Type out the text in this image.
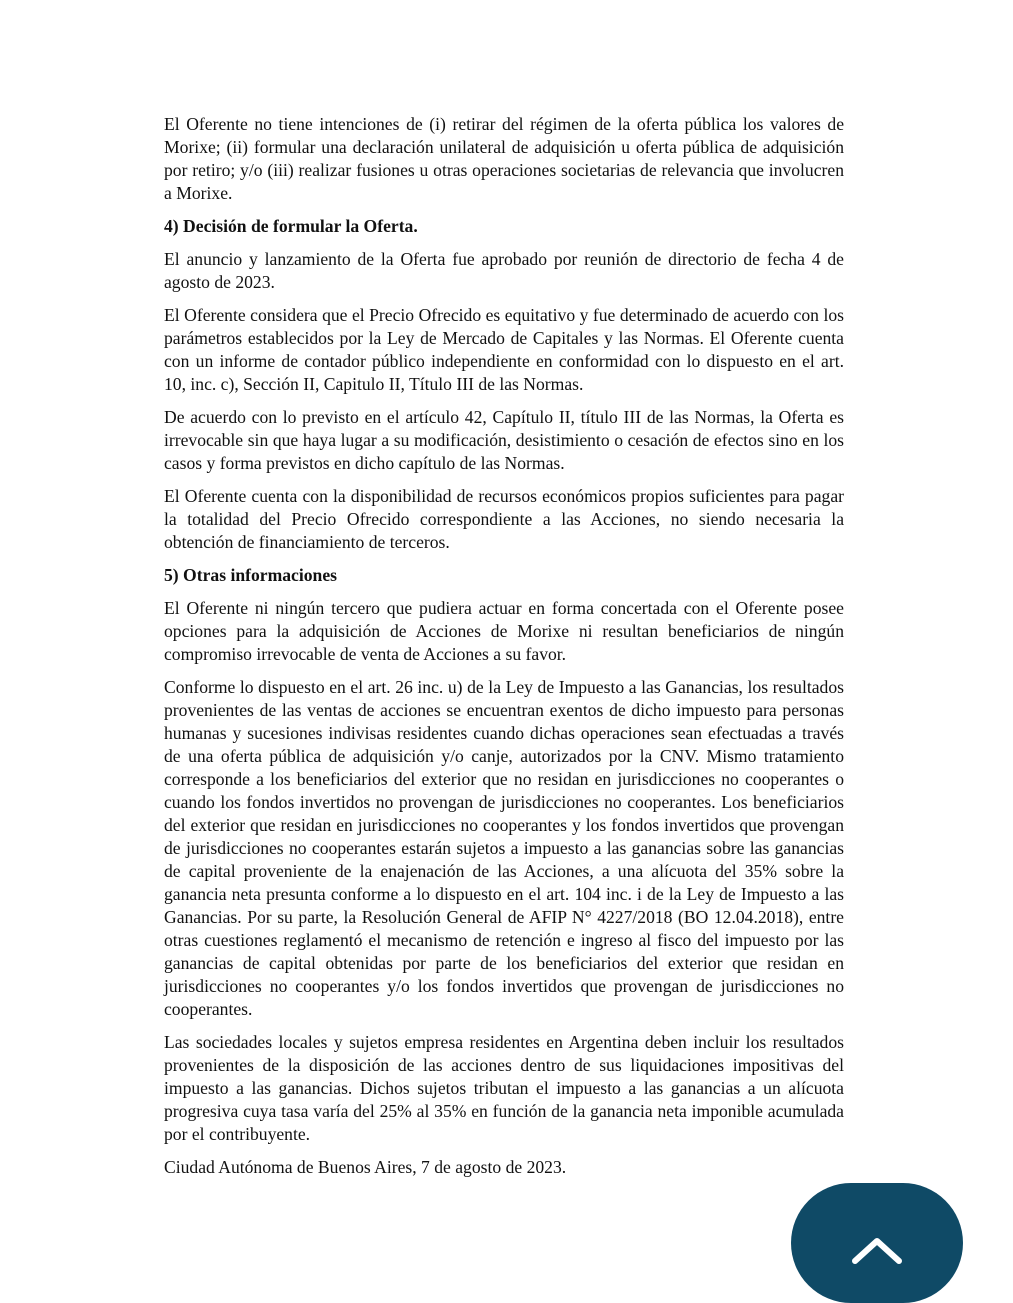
El Oferente no tiene intenciones de (i) retirar del régimen de la oferta pública los valores de Morixe; (ii) formular una declaración unilateral de adquisición u oferta pública de adquisición por retiro; y/o (iii) realizar fusiones u otras operaciones societarias de relevancia que involucren a Morixe.

4) Decisión de formular la Oferta.

El anuncio y lanzamiento de la Oferta fue aprobado por reunión de directorio de fecha 4 de agosto de 2023.

El Oferente considera que el Precio Ofrecido es equitativo y fue determinado de acuerdo con los parámetros establecidos por la Ley de Mercado de Capitales y las Normas. El Oferente cuenta con un informe de contador público independiente en conformidad con lo dispuesto en el art. 10, inc. c), Sección II, Capitulo II, Título III de las Normas.

De acuerdo con lo previsto en el artículo 42, Capítulo II, título III de las Normas, la Oferta es irrevocable sin que haya lugar a su modificación, desistimiento o cesación de efectos sino en los casos y forma previstos en dicho capítulo de las Normas.

El Oferente cuenta con la disponibilidad de recursos económicos propios suficientes para pagar la totalidad del Precio Ofrecido correspondiente a las Acciones, no siendo necesaria la obtención de financiamiento de terceros.

5) Otras informaciones

El Oferente ni ningún tercero que pudiera actuar en forma concertada con el Oferente posee opciones para la adquisición de Acciones de Morixe ni resultan beneficiarios de ningún compromiso irrevocable de venta de Acciones a su favor.

Conforme lo dispuesto en el art. 26 inc. u) de la Ley de Impuesto a las Ganancias, los resultados provenientes de las ventas de acciones se encuentran exentos de dicho impuesto para personas humanas y sucesiones indivisas residentes cuando dichas operaciones sean efectuadas a través de una oferta pública de adquisición y/o canje, autorizados por la CNV. Mismo tratamiento corresponde a los beneficiarios del exterior que no residan en jurisdicciones no cooperantes o cuando los fondos invertidos no provengan de jurisdicciones no cooperantes. Los beneficiarios del exterior que residan en jurisdicciones no cooperantes y los fondos invertidos que provengan de jurisdicciones no cooperantes estarán sujetos a impuesto a las ganancias sobre las ganancias de capital proveniente de la enajenación de las Acciones, a una alícuota del 35% sobre la ganancia neta presunta conforme a lo dispuesto en el art. 104 inc. i de la Ley de Impuesto a las Ganancias. Por su parte, la Resolución General de AFIP N° 4227/2018 (BO 12.04.2018), entre otras cuestiones reglamentó el mecanismo de retención e ingreso al fisco del impuesto por las ganancias de capital obtenidas por parte de los beneficiarios del exterior que residan en jurisdicciones no cooperantes y/o los fondos invertidos que provengan de jurisdicciones no cooperantes.

Las sociedades locales y sujetos empresa residentes en Argentina deben incluir los resultados provenientes de la disposición de las acciones dentro de sus liquidaciones impositivas del impuesto a las ganancias. Dichos sujetos tributan el impuesto a las ganancias a un alícuota progresiva cuya tasa varía del 25% al 35% en función de la ganancia neta imponible acumulada por el contribuyente.

Ciudad Autónoma de Buenos Aires, 7 de agosto de 2023.
